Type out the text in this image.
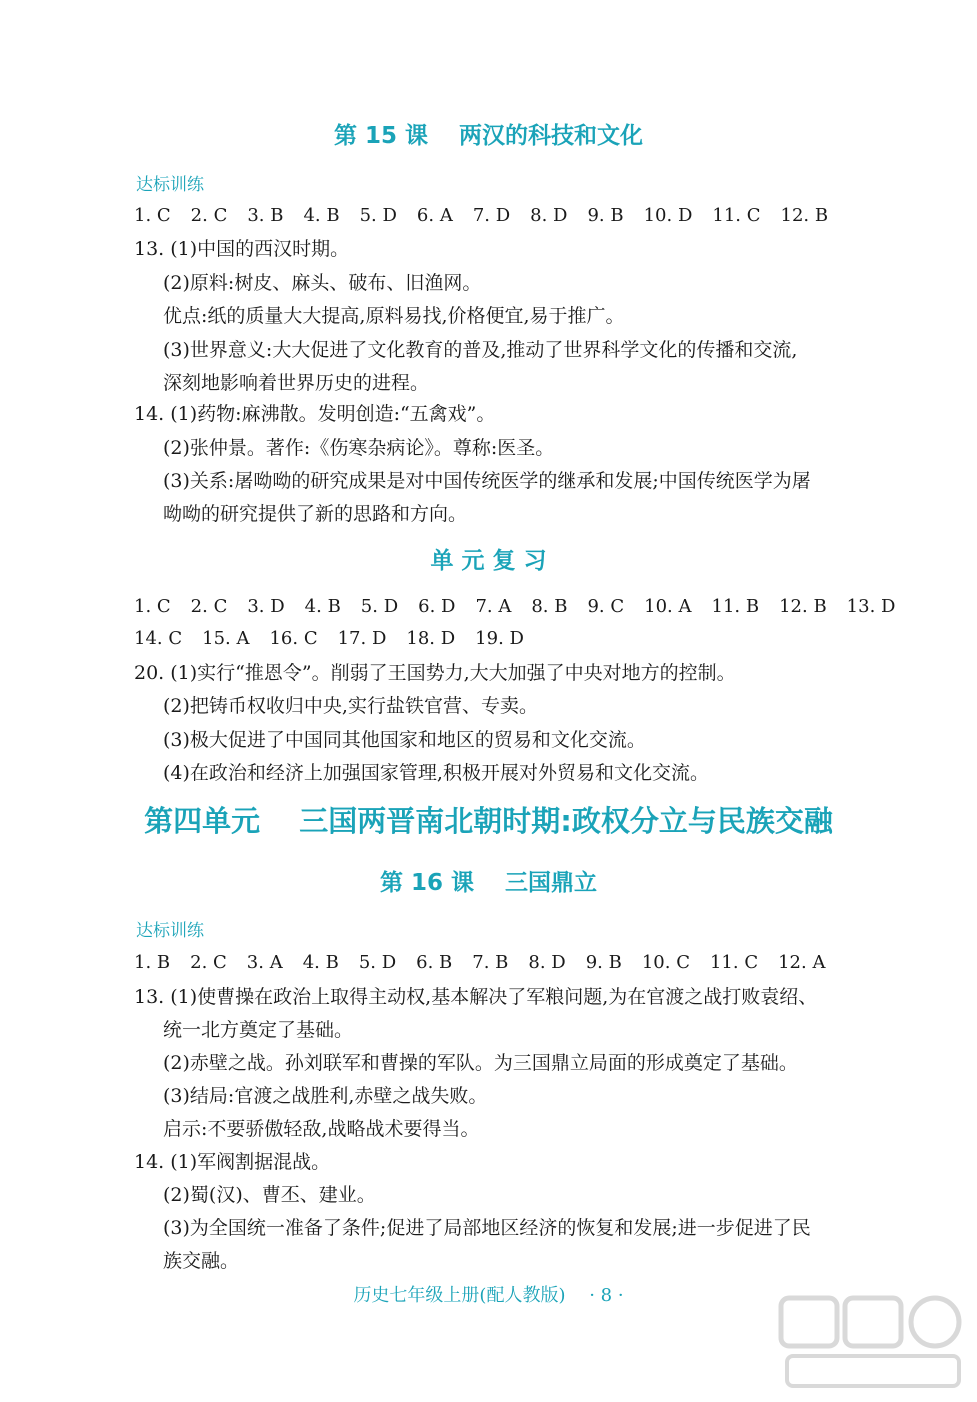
第 15 课　 两汉的科技和文化
达标训练
1. C 2. C 3. B 4. B 5. D 6. A 7. D 8. D 9. B 10. D 11. C 12. B
13. (1)中国的西汉时期。
(2)原料:树皮、麻头、破布、旧渔网。
优点:纸的质量大大提高,原料易找,价格便宜,易于推广。
(3)世界意义:大大促进了文化教育的普及,推动了世界科学文化的传播和交流,
深刻地影响着世界历史的进程。
14. (1)药物:麻沸散。发明创造:“五禽戏”。
(2)张仲景。著作:《伤寒杂病论》。尊称:医圣。
(3)关系:屠呦呦的研究成果是对中国传统医学的继承和发展;中国传统医学为屠
呦呦的研究提供了新的思路和方向。
单 元 复 习
1. C 2. C 3. D 4. B 5. D 6. D 7. A 8. B 9. C 10. A 11. B 12. B 13. D
14. C 15. A 16. C 17. D 18. D 19. D
20. (1)实行“推恩令”。削弱了王国势力,大大加强了中央对地方的控制。
(2)把铸币权收归中央,实行盐铁官营、专卖。
(3)极大促进了中国同其他国家和地区的贸易和文化交流。
(4)在政治和经济上加强国家管理,积极开展对外贸易和文化交流。
第四单元　 三国两晋南北朝时期:政权分立与民族交融
第 16 课　 三国鼎立
达标训练
1. B 2. C 3. A 4. B 5. D 6. B 7. B 8. D 9. B 10. C 11. C 12. A
13. (1)使曹操在政治上取得主动权,基本解决了军粮问题,为在官渡之战打败袁绍、
统一北方奠定了基础。
(2)赤壁之战。孙刘联军和曹操的军队。为三国鼎立局面的形成奠定了基础。
(3)结局:官渡之战胜利,赤壁之战失败。
启示:不要骄傲轻敌,战略战术要得当。
14. (1)军阀割据混战。
(2)蜀(汉)、曹丕、建业。
(3)为全国统一准备了条件;促进了局部地区经济的恢复和发展;进一步促进了民
族交融。
历史七年级上册(配人教版)　 · 8 ·
